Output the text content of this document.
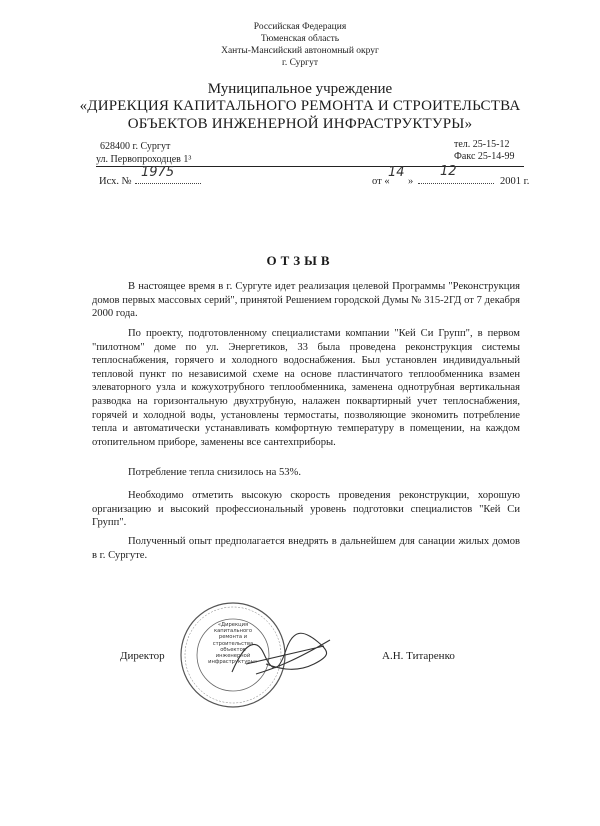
Российская Федерация
Тюменская область
Ханты-Мансийский автономный округ
г. Сургут
Муниципальное учреждение
«ДИРЕКЦИЯ КАПИТАЛЬНОГО РЕМОНТА И СТРОИТЕЛЬСТВА
ОБЪЕКТОВ ИНЖЕНЕРНОЙ ИНФРАСТРУКТУРЫ»
628400 г. Сургут
ул. Первопроходцев 1³
тел. 25-15-12
Факс 25-14-99
Исх. №
1975
от «
14
»
12
2001 г.
ОТЗЫВ
В настоящее время в г. Сургуте идет реализация целевой Программы "Реконструкция домов первых массовых серий", принятой Решением городской Думы № 315-2ГД от 7 декабря 2000 года.
По проекту, подготовленному специалистами компании "Кей Си Групп", в первом "пилотном" доме по ул. Энергетиков, 33 была проведена реконструкция системы теплоснабжения, горячего и холодного водоснабжения. Был установлен индивидуальный тепловой пункт по независимой схеме на основе пластинчатого теплообменника взамен элеваторного узла и кожухотрубного теплообменника, заменена однотрубная вертикальная разводка на горизонтальную двухтрубную, налажен поквартирный учет теплоснабжения, горячей и холодной воды, установлены термостаты, позволяющие экономить потребление тепла и автоматически устанавливать комфортную температуру в помещении, на каждом отопительном приборе, заменены все сантехприборы.
Потребление тепла снизилось на 53%.
Необходимо отметить высокую скорость проведения реконструкции, хорошую организацию и высокий профессиональный уровень подготовки специалистов "Кей Си Групп".
Полученный опыт предполагается внедрять в дальнейшем для санации жилых домов в г. Сургуте.
«Дирекция
капитального
ремонта и
строительства
объектов
инженерной
инфраструктуры»
Директор	А.Н. Титаренко
